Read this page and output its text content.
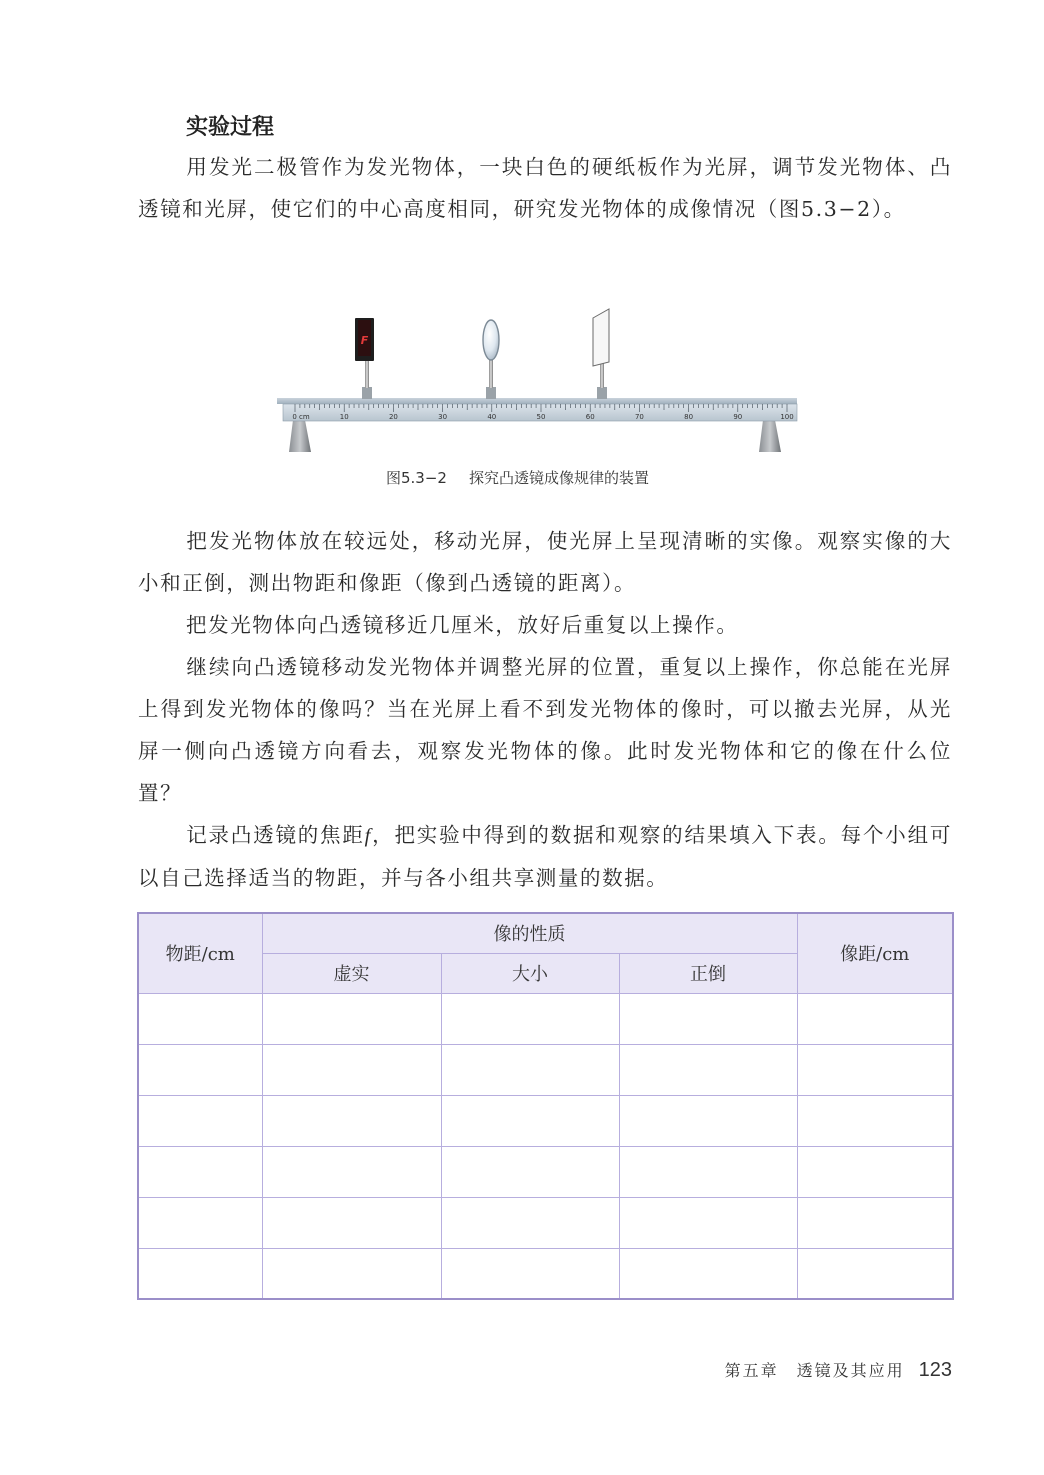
实验过程

用发光二极管作为发光物体，一块白色的硬纸板作为光屏，调节发光物体、凸透镜和光屏，使它们的中心高度相同，研究发光物体的成像情况（图5.3−2）。

0 cm	10	20	30	40	50	60	70	80	90	100
F
图5.3−2 探究凸透镜成像规律的装置

把发光物体放在较远处，移动光屏，使光屏上呈现清晰的实像。观察实像的大小和正倒，测出物距和像距（像到凸透镜的距离）。

把发光物体向凸透镜移近几厘米，放好后重复以上操作。

继续向凸透镜移动发光物体并调整光屏的位置，重复以上操作，你总能在光屏上得到发光物体的像吗？当在光屏上看不到发光物体的像时，可以撤去光屏，从光屏一侧向凸透镜方向看去，观察发光物体的像。此时发光物体和它的像在什么位置？

记录凸透镜的焦距f，把实验中得到的数据和观察的结果填入下表。每个小组可以自己选择适当的物距，并与各小组共享测量的数据。

物距/cm	像的性质			像距/cm
	虚实	大小	正倒	

第五章 透镜及其应用 123
